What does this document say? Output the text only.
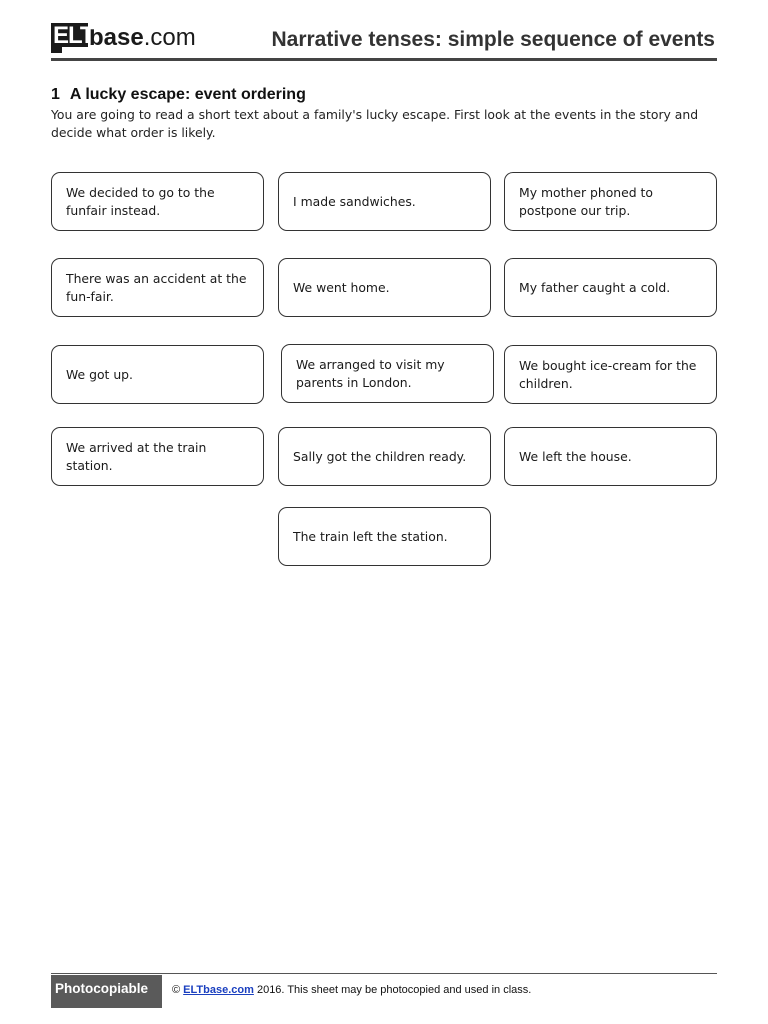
ELT
base.com	Narrative tenses: simple sequence of events
1 A lucky escape: event ordering
You are going to read a short text about a family's lucky escape. First look at the events in the story and decide what order is likely.
We decided to go to the funfair instead.
I made sandwiches.
My mother phoned to postpone our trip.
There was an accident at the fun-fair.
We went home.	My father caught a cold.
We got up.
We arranged to visit my parents in London.
We bought ice-cream for the children.
We arrived at the train station.
Sally got the children ready.	We left the house.
The train left the station.
Photocopiable	© ELTbase.com 2016. This sheet may be photocopied and used in class.
